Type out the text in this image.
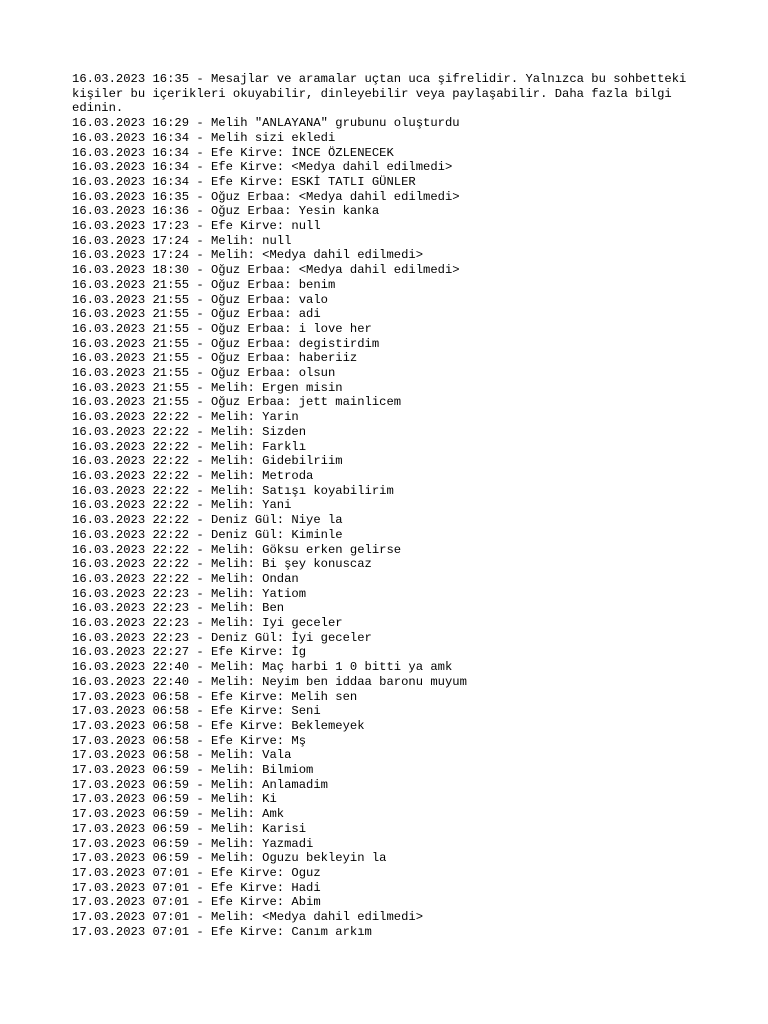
16.03.2023 16:35 - Mesajlar ve aramalar uçtan uca şifrelidir. Yalnızca bu sohbetteki kişiler bu içerikleri okuyabilir, dinleyebilir veya paylaşabilir. Daha fazla bilgi edinin.

16.03.2023 16:29 - Melih "ANLAYANA" grubunu oluşturdu

16.03.2023 16:34 - Melih sizi ekledi

16.03.2023 16:34 - Efe Kirve: İNCE ÖZLENECEK

16.03.2023 16:34 - Efe Kirve: <Medya dahil edilmedi>

16.03.2023 16:34 - Efe Kirve: ESKİ TATLI GÜNLER

16.03.2023 16:35 - Oğuz Erbaa: <Medya dahil edilmedi>

16.03.2023 16:36 - Oğuz Erbaa: Yesin kanka

16.03.2023 17:23 - Efe Kirve: null

16.03.2023 17:24 - Melih: null

16.03.2023 17:24 - Melih: <Medya dahil edilmedi>

16.03.2023 18:30 - Oğuz Erbaa: <Medya dahil edilmedi>

16.03.2023 21:55 - Oğuz Erbaa: benim

16.03.2023 21:55 - Oğuz Erbaa: valo

16.03.2023 21:55 - Oğuz Erbaa: adi

16.03.2023 21:55 - Oğuz Erbaa: i love her

16.03.2023 21:55 - Oğuz Erbaa: degistirdim

16.03.2023 21:55 - Oğuz Erbaa: haberiiz

16.03.2023 21:55 - Oğuz Erbaa: olsun

16.03.2023 21:55 - Melih: Ergen misin

16.03.2023 21:55 - Oğuz Erbaa: jett mainlicem

16.03.2023 22:22 - Melih: Yarin

16.03.2023 22:22 - Melih: Sizden

16.03.2023 22:22 - Melih: Farklı

16.03.2023 22:22 - Melih: Gidebilriim

16.03.2023 22:22 - Melih: Metroda

16.03.2023 22:22 - Melih: Satışı koyabilirim

16.03.2023 22:22 - Melih: Yani

16.03.2023 22:22 - Deniz Gül: Niye la

16.03.2023 22:22 - Deniz Gül: Kiminle

16.03.2023 22:22 - Melih: Göksu erken gelirse

16.03.2023 22:22 - Melih: Bi şey konuscaz

16.03.2023 22:22 - Melih: Ondan

16.03.2023 22:23 - Melih: Yatiom

16.03.2023 22:23 - Melih: Ben

16.03.2023 22:23 - Melih: Iyi geceler

16.03.2023 22:23 - Deniz Gül: İyi geceler

16.03.2023 22:27 - Efe Kirve: İg

16.03.2023 22:40 - Melih: Maç harbi 1 0 bitti ya amk

16.03.2023 22:40 - Melih: Neyim ben iddaa baronu muyum

17.03.2023 06:58 - Efe Kirve: Melih sen

17.03.2023 06:58 - Efe Kirve: Seni

17.03.2023 06:58 - Efe Kirve: Beklemeyek

17.03.2023 06:58 - Efe Kirve: Mş

17.03.2023 06:58 - Melih: Vala

17.03.2023 06:59 - Melih: Bilmiom

17.03.2023 06:59 - Melih: Anlamadim

17.03.2023 06:59 - Melih: Ki

17.03.2023 06:59 - Melih: Amk

17.03.2023 06:59 - Melih: Karisi

17.03.2023 06:59 - Melih: Yazmadi

17.03.2023 06:59 - Melih: Oguzu bekleyin la

17.03.2023 07:01 - Efe Kirve: Oguz

17.03.2023 07:01 - Efe Kirve: Hadi

17.03.2023 07:01 - Efe Kirve: Abim

17.03.2023 07:01 - Melih: <Medya dahil edilmedi>

17.03.2023 07:01 - Efe Kirve: Canım arkım
